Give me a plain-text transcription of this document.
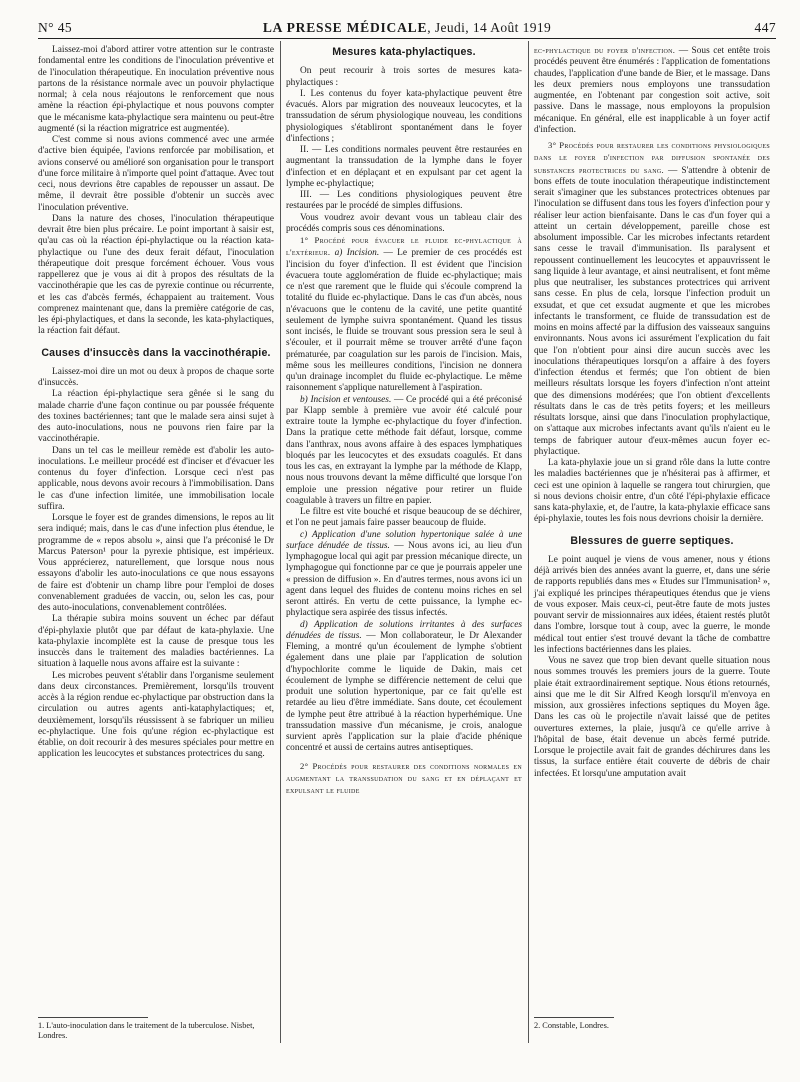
N° 45	LA PRESSE MÉDICALE, Jeudi, 14 Août 1919	447

Laissez-moi d'abord attirer votre attention sur le contraste fondamental entre les conditions de l'inoculation préventive et de l'inoculation thérapeutique. En inoculation préventive nous partons de la résistance normale avec un pouvoir phylactique normal; à cela nous réajoutons le renforcement que nous amène la réaction épi-phylactique et nous pouvons compter que le mécanisme kata-phylactique sera maintenu ou peut-être augmenté (si la réaction migratrice est augmentée).

C'est comme si nous avions commencé avec une armée d'active bien équipée, l'avions renforcée par mobilisation, et avions conservé ou amélioré son organisation pour le transport d'une force militaire à n'importe quel point d'attaque. Avec tout ceci, nous devrions être capables de repousser un assaut. De même, il devrait être possible d'obtenir un succès avec l'inoculation préventive.

Dans la nature des choses, l'inoculation thérapeutique devrait être bien plus précaire. Le point important à saisir est, qu'au cas où la réaction épi-phylactique ou la réaction kata-phylactique ou l'une des deux ferait défaut, l'inoculation thérapeutique doit presque forcément échouer. Vous vous rappellerez que je vous ai dit à propos des résultats de la vaccinothérapie que les cas de pyrexie continue ou récurrente, et les cas d'abcès fermés, échappaient au traitement. Vous comprenez maintenant que, dans la première catégorie de cas, les épi-phylactiques, et dans la seconde, les kata-phylactiques, la réaction fait défaut.

Causes d'insuccès dans la vaccinothérapie.

Laissez-moi dire un mot ou deux à propos de chaque sorte d'insuccès.

La réaction épi-phylactique sera gênée si le sang du malade charrie d'une façon continue ou par poussée fréquente des toxines bactériennes; tant que le malade sera ainsi sujet à des auto-inoculations, nous ne pouvons rien faire par la vaccinothérapie.

Dans un tel cas le meilleur remède est d'abolir les auto-inoculations. Le meilleur procédé est d'inciser et d'évacuer les contenus du foyer d'infection. Lorsque ceci n'est pas applicable, nous devons avoir recours à l'immobilisation. Dans le cas d'une infection limitée, une immobilisation locale suffira.

Lorsque le foyer est de grandes dimensions, le repos au lit sera indiqué; mais, dans le cas d'une infection plus étendue, le programme de « repos absolu », ainsi que l'a préconisé le Dr Marcus Paterson¹ pour la pyrexie phtisique, est impérieux. Vous apprécierez, naturellement, que lorsque nous nous essayons d'abolir les auto-inoculations ce que nous essayons de faire est d'obtenir un champ libre pour l'emploi de doses convenablement graduées de vaccin, ou, selon les cas, pour des auto-inoculations, convenablement contrôlées.

La thérapie subira moins souvent un échec par défaut d'épi-phylaxie plutôt que par défaut de kata-phylaxie. Une kata-phylaxie incomplète est la cause de presque tous les insuccès dans le traitement des maladies bactériennes. La situation à laquelle nous avons affaire est la suivante :

Les microbes peuvent s'établir dans l'organisme seulement dans deux circonstances. Premièrement, lorsqu'ils trouvent accès à la région rendue ec-phylactique par obstruction dans la circulation ou autres agents anti-kataphylactiques; et, deuxièmement, lorsqu'ils réussissent à se fabriquer un milieu ec-phylactique. Une fois qu'une région ec-phylactique est établie, on doit recourir à des mesures spéciales pour mettre en application les leucocytes et substances protectrices du sang.

Mesures kata-phylactiques.

On peut recourir à trois sortes de mesures kata-phylactiques :

I. Les contenus du foyer kata-phylactique peuvent être évacués. Alors par migration des nouveaux leucocytes, et la transsudation de sérum physiologique nouveau, les conditions physiologiques s'établiront spontanément dans le foyer d'infections ;

II. — Les conditions normales peuvent être restaurées en augmentant la transsudation de la lymphe dans le foyer d'infection et en déplaçant et en expulsant par cet agent la lymphe ec-phylactique;

III. — Les conditions physiologiques peuvent être restaurées par le procédé de simples diffusions.

Vous voudrez avoir devant vous un tableau clair des procédés compris sous ces dénominations.

1° Procédé pour évacuer le fluide ec-phylactique à l'extérieur. a) Incision. — Le premier de ces procédés est l'incision du foyer d'infection. Il est évident que l'incision évacuera toute agglomération de fluide ec-phylactique; mais ce n'est que rarement que le fluide qui s'écoule comprend la totalité du fluide ec-phylactique. Dans le cas d'un abcès, nous n'évacuons que le contenu de la cavité, une petite quantité seulement de lymphe suivra spontanément. Quand les tissus sont incisés, le fluide se trouvant sous pression sera le seul à s'écouler, et il pourrait même se trouver arrêté d'une façon prématurée, par coagulation sur les parois de l'incision. Mais, même sous les meilleures conditions, l'incision ne donnera qu'un drainage incomplet du fluide ec-phylactique. Le même raisonnement s'applique naturellement à l'aspiration.

b) Incision et ventouses. — Ce procédé qui a été préconisé par Klapp semble à première vue avoir été calculé pour extraire toute la lymphe ec-phylactique du foyer d'infection. Dans la pratique cette méthode fait défaut, lorsque, comme dans l'anthrax, nous avons affaire à des espaces lymphatiques bloqués par les leucocytes et des exsudats coagulés. Et dans tous les cas, en extrayant la lymphe par la méthode de Klapp, nous nous trouvons devant la même difficulté que lorsque l'on emploie une pression négative pour retirer un fluide coagulable à travers un filtre en papier.

Le filtre est vite bouché et risque beaucoup de se déchirer, et l'on ne peut jamais faire passer beaucoup de fluide.

c) Application d'une solution hypertonique salée à une surface dénudée de tissus. — Nous avons ici, au lieu d'un lymphagogue local qui agit par pression mécanique directe, un lymphagogue qui fonctionne par ce que je pourrais appeler une « pression de diffusion ». En d'autres termes, nous avons ici un agent dans lequel des fluides de contenu moins riches en sel seront attirés. En vertu de cette puissance, la lymphe ec-phylactique sera aspirée des tissus infectés.

d) Application de solutions irritantes à des surfaces dénudées de tissus. — Mon collaborateur, le Dr Alexander Fleming, a montré qu'un écoulement de lymphe s'obtient également dans une plaie par l'application de solution d'hypochlorite comme le liquide de Dakin, mais cet écoulement de lymphe se différencie nettement de celui que produit une solution hypertonique, par ce fait qu'elle est retardée au lieu d'être immédiate. Sans doute, cet écoulement de lymphe peut être attribué à la réaction hyperhémique. Une transsudation massive d'un mécanisme, je crois, analogue survient après l'application sur la plaie d'acide phénique concentré et aussi de certains autres antiseptiques.

2° Procédés pour restaurer des conditions normales en augmentant la transsudation du sang et en déplaçant et expulsant le fluide

ec-phylactique du foyer d'infection. — Sous cet entête trois procédés peuvent être énumérés : l'application de fomentations chaudes, l'application d'une bande de Bier, et le massage. Dans les deux premiers nous employons une transsudation augmentée, en l'obtenant par congestion soit active, soit passive. Dans le massage, nous employons la propulsion mécanique. En général, elle est inapplicable à un foyer actif d'infection.

3° Procédés pour restaurer les conditions physiologiques dans le foyer d'infection par diffusion spontanée des substances protectrices du sang. — S'attendre à obtenir de bons effets de toute inoculation thérapeutique indistinctement serait s'imaginer que les substances protectrices obtenues par l'inoculation se diffusent dans tous les foyers d'infection pour y réaliser leur action bienfaisante. Dans le cas d'un foyer qui a atteint un certain développement, pareille chose est absolument impossible. Car les microbes infectants retardent sans cesse le travail d'immunisation. Ils paralysent et repoussent continuellement les leucocytes et appauvrissent le sang liquide à leur avantage, et ainsi neutralisent, et font même plus que neutraliser, les substances protectrices qui arrivent sans cesse. En plus de cela, lorsque l'infection produit un exsudat, et que cet exsudat augmente et que les microbes infectants le transforment, ce fluide de transsudation est de moins en moins affecté par la diffusion des vaisseaux sanguins environnants. Nous avons ici assurément l'explication du fait que l'on n'obtient pour ainsi dire aucun succès avec les inoculations thérapeutiques lorsqu'on a affaire à des foyers d'infection étendus et fermés; que l'on obtient de bien meilleurs résultats lorsque les foyers d'infection n'ont atteint que des dimensions modérées; que l'on obtient d'excellents résultats dans le cas de très petits foyers; et les meilleurs résultats lorsque, ainsi que dans l'inoculation prophylactique, on s'attaque aux microbes infectants avant qu'ils n'aient eu le temps de fabriquer autour d'eux-mêmes aucun foyer ec-phylactique.

La kata-phylaxie joue un si grand rôle dans la lutte contre les maladies bactériennes que je n'hésiterai pas à affirmer, et ceci est une opinion à laquelle se rangera tout chirurgien, que si nous devions choisir entre, d'un côté l'épi-phylaxie efficace sans kata-phylaxie, et, de l'autre, la kata-phylaxie efficace sans épi-phylaxie, toutes les fois nous devrions choisir la dernière.

Blessures de guerre septiques.

Le point auquel je viens de vous amener, nous y étions déjà arrivés bien des années avant la guerre, et, dans une série de rapports republiés dans mes « Etudes sur l'Immunisation² », j'ai expliqué les principes thérapeutiques étendus que je viens de vous exposer. Mais ceux-ci, peut-être faute de mots justes pouvant servir de missionnaires aux idées, étaient restés plutôt dans l'ombre, lorsque tout à coup, avec la guerre, le monde médical tout entier s'est trouvé devant la tâche de combattre les infections bactériennes dans les plaies.

Vous ne savez que trop bien devant quelle situation nous nous sommes trouvés les premiers jours de la guerre. Toute plaie était extraordinairement septique. Nous étions retournés, ainsi que me le dit Sir Alfred Keogh lorsqu'il m'envoya en mission, aux grossières infections septiques du Moyen âge. Dans les cas où le projectile n'avait laissé que de petites ouvertures externes, la plaie, jusqu'à ce qu'elle arrive à l'hôpital de base, était devenue un abcès fermé putride. Lorsque le projectile avait fait de grandes déchirures dans les tissus, la surface entière était couverte de débris de chair infectées. Et lorsqu'une amputation avait

1. L'auto-inoculation dans le traitement de la tuberculose. Nisbet, Londres.
2. Constable, Londres.
